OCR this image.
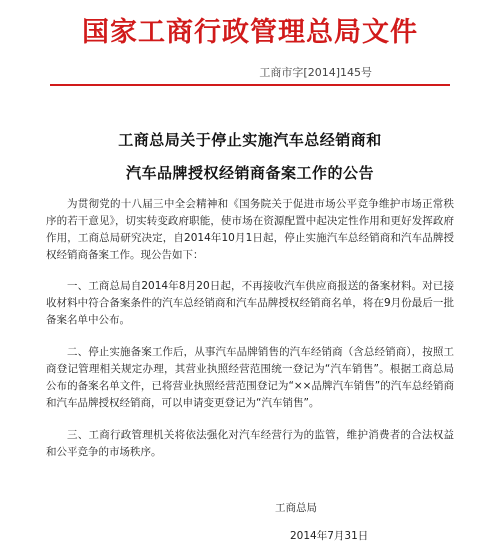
国家工商行政管理总局文件
工商市字[2014]145号
工商总局关于停止实施汽车总经销商和
汽车品牌授权经销商备案工作的公告

为贯彻党的十八届三中全会精神和《国务院关于促进市场公平竞争维护市场正常秩序的若干意见》，切实转变政府职能，使市场在资源配置中起决定性作用和更好发挥政府作用，工商总局研究决定，自2014年10月1日起，停止实施汽车总经销商和汽车品牌授权经销商备案工作。现公告如下：

一、工商总局自2014年8月20日起，不再接收汽车供应商报送的备案材料。对已接收材料中符合备案条件的汽车总经销商和汽车品牌授权经销商名单，将在9月份最后一批备案名单中公布。

二、停止实施备案工作后，从事汽车品牌销售的汽车经销商（含总经销商），按照工商登记管理相关规定办理，其营业执照经营范围统一登记为“汽车销售”。根据工商总局公布的备案名单文件，已将营业执照经营范围登记为“××品牌汽车销售”的汽车总经销商和汽车品牌授权经销商，可以申请变更登记为“汽车销售”。

三、工商行政管理机关将依法强化对汽车经营行为的监管，维护消费者的合法权益和公平竞争的市场秩序。

工商总局
2014年7月31日
